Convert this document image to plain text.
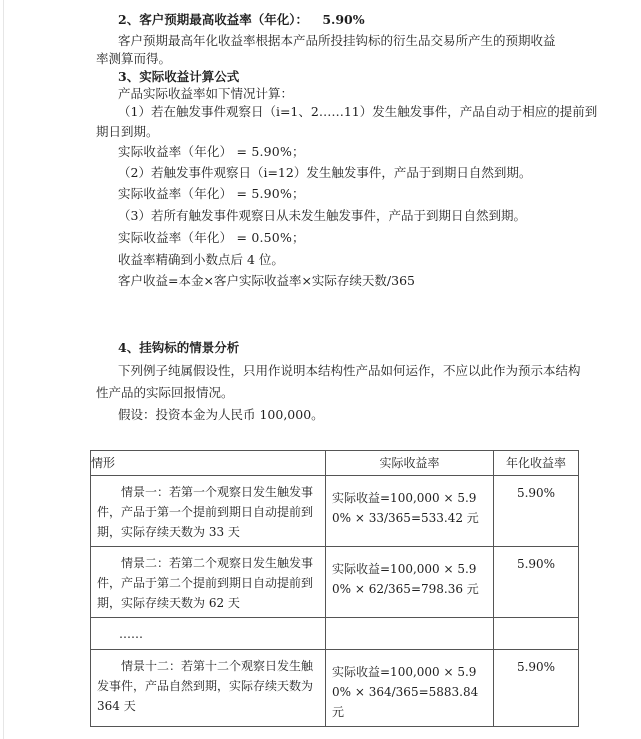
2、客户预期最高收益率（年化）： 5.90%
客户预期最高年化收益率根据本产品所投挂钩标的衍生品交易所产生的预期收益
率测算而得。
3、实际收益计算公式
产品实际收益率如下情况计算：
（1）若在触发事件观察日（i=1、2……11）发生触发事件，产品自动于相应的提前到
期日到期。
实际收益率（年化） = 5.90%；
（2）若触发事件观察日（i=12）发生触发事件，产品于到期日自然到期。
实际收益率（年化） = 5.90%；
（3）若所有触发事件观察日从未发生触发事件，产品于到期日自然到期。
实际收益率（年化） = 0.50%；
收益率精确到小数点后 4 位。
客户收益=本金×客户实际收益率×实际存续天数/365
4、挂钩标的情景分析
下列例子纯属假设性，只用作说明本结构性产品如何运作，不应以此作为预示本结构
性产品的实际回报情况。
假设：投资本金为人民币 100,000。
情形	实际收益率	年化收益率

情景一：若第一个观察日发生触发事件，产品于第一个提前到期日自动提前到期，实际存续天数为 33 天	实际收益=100,000 × 5.90% × 33/365=533.42 元	5.90%

情景二：若第二个观察日发生触发事件，产品于第二个提前到期日自动提前到期，实际存续天数为 62 天	实际收益=100,000 × 5.90% × 62/365=798.36 元	5.90%

……		

情景十二：若第十二个观察日发生触发事件，产品自然到期，实际存续天数为 364 天	实际收益=100,000 × 5.90% × 364/365=5883.84 元	5.90%
